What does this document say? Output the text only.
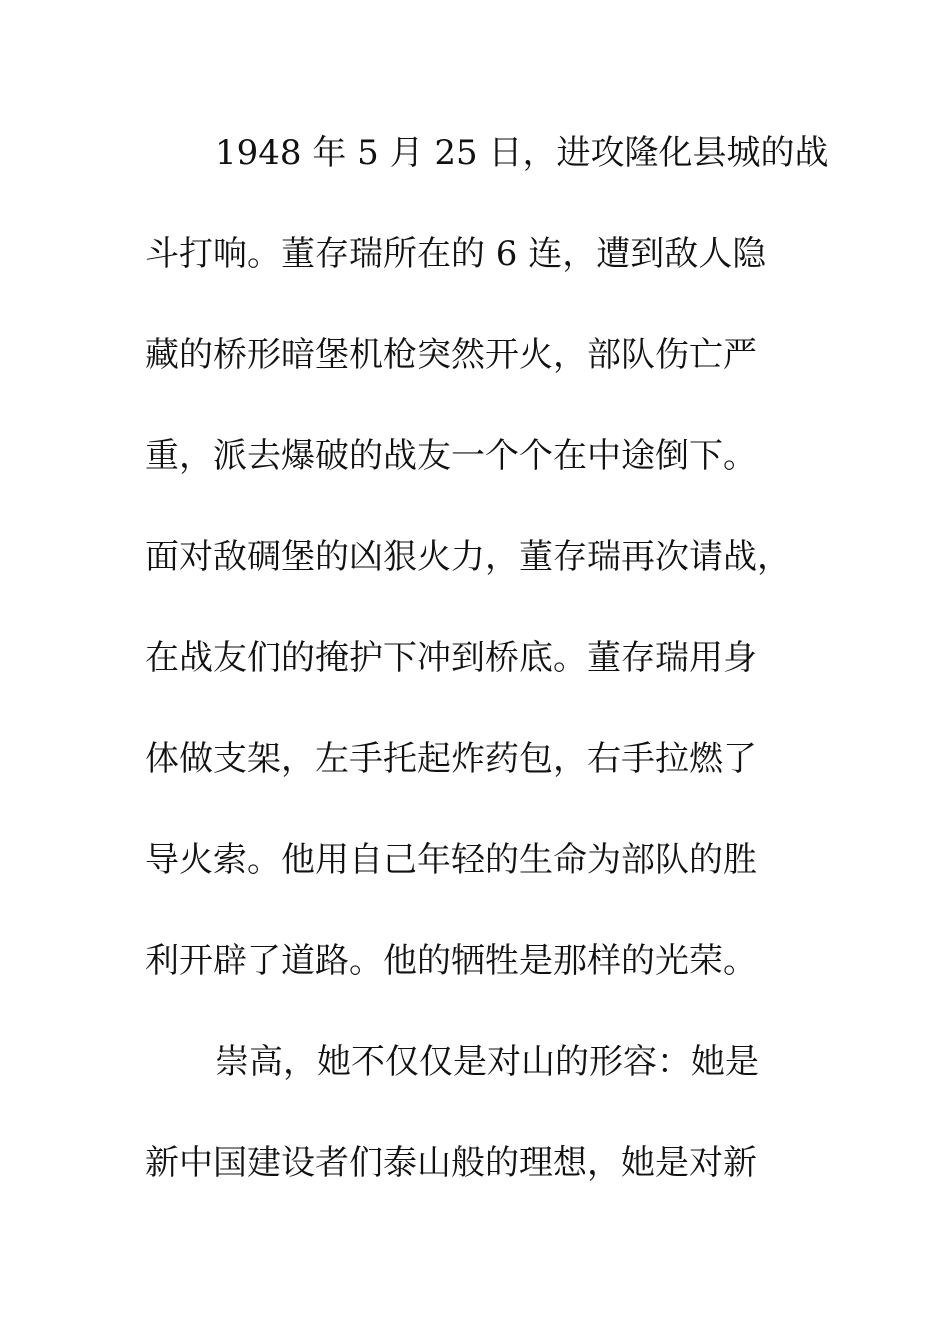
1948 年 5 月 25 日，进攻隆化县城的战
斗打响。董存瑞所在的 6 连，遭到敌人隐
藏的桥形暗堡机枪突然开火，部队伤亡严
重，派去爆破的战友一个个在中途倒下。
面对敌碉堡的凶狠火力，董存瑞再次请战，
在战友们的掩护下冲到桥底。董存瑞用身
体做支架，左手托起炸药包，右手拉燃了
导火索。他用自己年轻的生命为部队的胜
利开辟了道路。他的牺牲是那样的光荣。
崇高，她不仅仅是对山的形容：她是
新中国建设者们泰山般的理想，她是对新
